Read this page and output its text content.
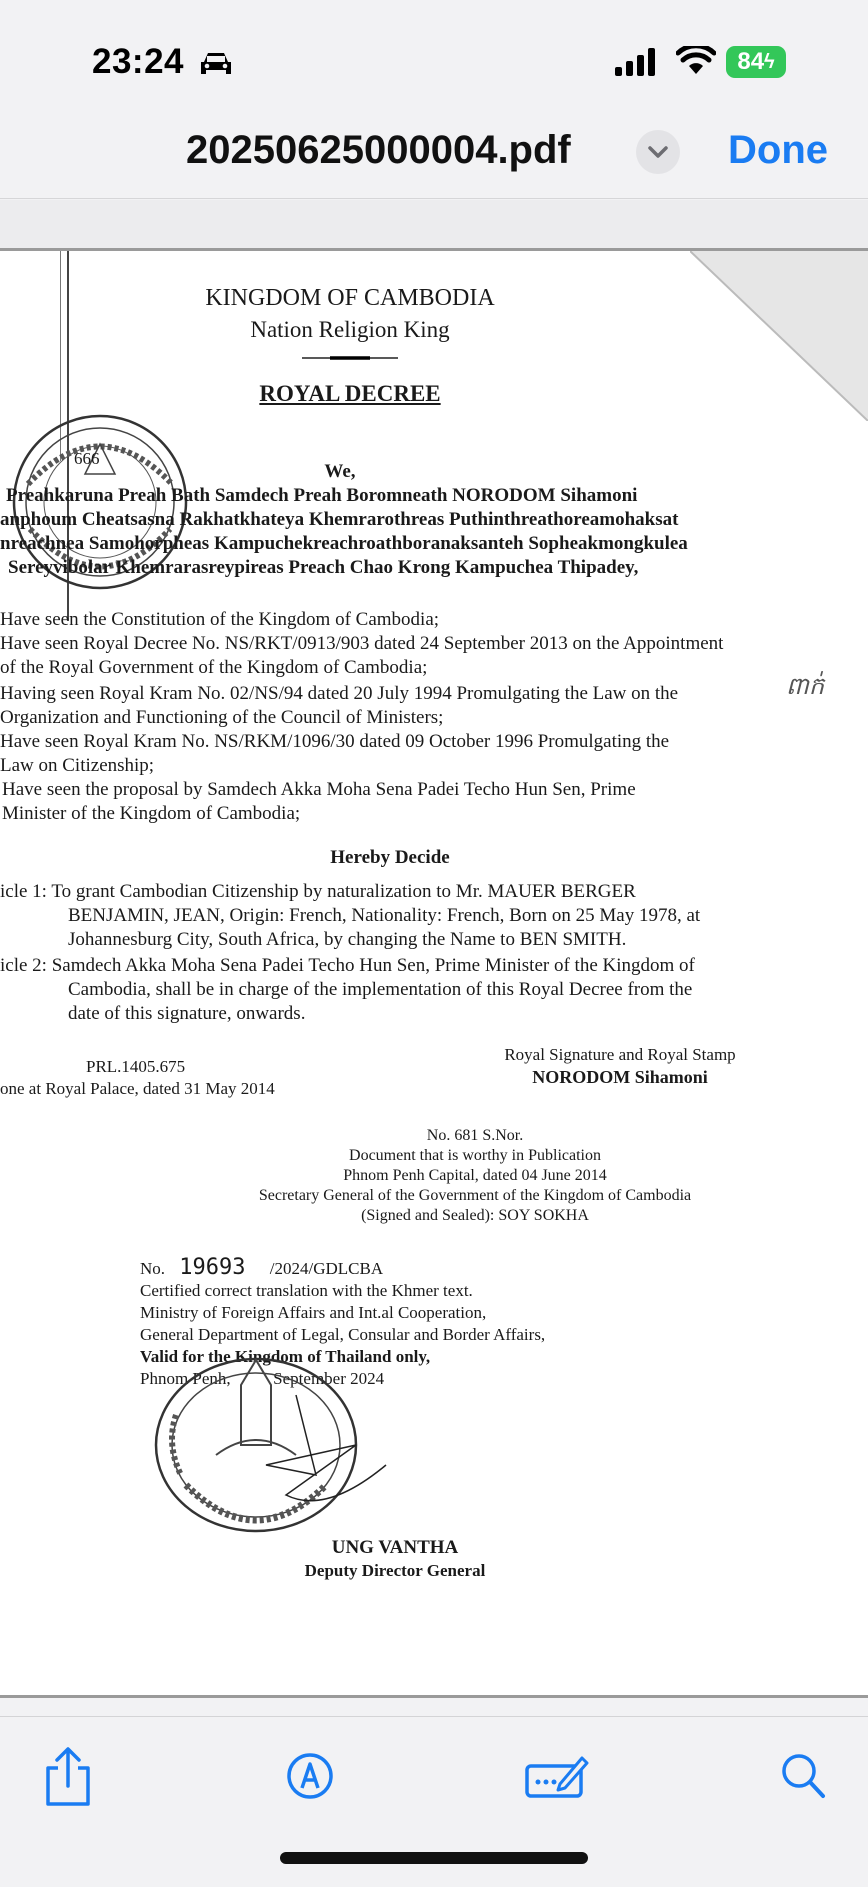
23:24	84 ϟ
20250625000004.pdf	Done
KINGDOM OF CAMBODIA
Nation Religion King
ROYAL DECREE
666
We,
Preahkaruna Preah Bath Samdech Preah Boromneath NORODOM Sihamoni
anphoum Cheatsasna Rakhatkhateya Khemrarothreas Puthinthreathoreamohaksat
nreachnea Samohorpheas Kampuchekreachroathboranaksanteh Sopheakmongkulea
Sereyvibolar Khemrarasreypireas Preach Chao Krong Kampuchea Thipadey,
Have seen the Constitution of the Kingdom of Cambodia;
Have seen Royal Decree No. NS/RKT/0913/903 dated 24 September 2013 on the Appointment
of the Royal Government of the Kingdom of Cambodia;
Having seen Royal Kram No. 02/NS/94 dated 20 July 1994 Promulgating the Law on the
Organization and Functioning of the Council of Ministers;
Have seen Royal Kram No. NS/RKM/1096/30 dated 09 October 1996 Promulgating the
Law on Citizenship;
Have seen the proposal by Samdech Akka Moha Sena Padei Techo Hun Sen, Prime
Minister of the Kingdom of Cambodia;
ពាក់
Hereby Decide
icle 1: To grant Cambodian Citizenship by naturalization to Mr. MAUER BERGER
BENJAMIN, JEAN, Origin: French, Nationality: French, Born on 25 May 1978, at
Johannesburg City, South Africa, by changing the Name to BEN SMITH.
icle 2: Samdech Akka Moha Sena Padei Techo Hun Sen, Prime Minister of the Kingdom of
Cambodia, shall be in charge of the implementation of this Royal Decree from the
date of this signature, onwards.
PRL.1405.675
one at Royal Palace, dated 31 May 2014
Royal Signature and Royal Stamp
NORODOM Sihamoni
No. 681 S.Nor.
Document that is worthy in Publication
Phnom Penh Capital, dated 04 June 2014
Secretary General of the Government of the Kingdom of Cambodia
(Signed and Sealed): SOY SOKHA
No. 19693 /2024/GDLCBA
Certified correct translation with the Khmer text.
Ministry of Foreign Affairs and Int.al Cooperation,
General Department of Legal, Consular and Border Affairs,
Valid for the Kingdom of Thailand only,
Phnom Penh,          September 2024
UNG VANTHA
Deputy Director General
